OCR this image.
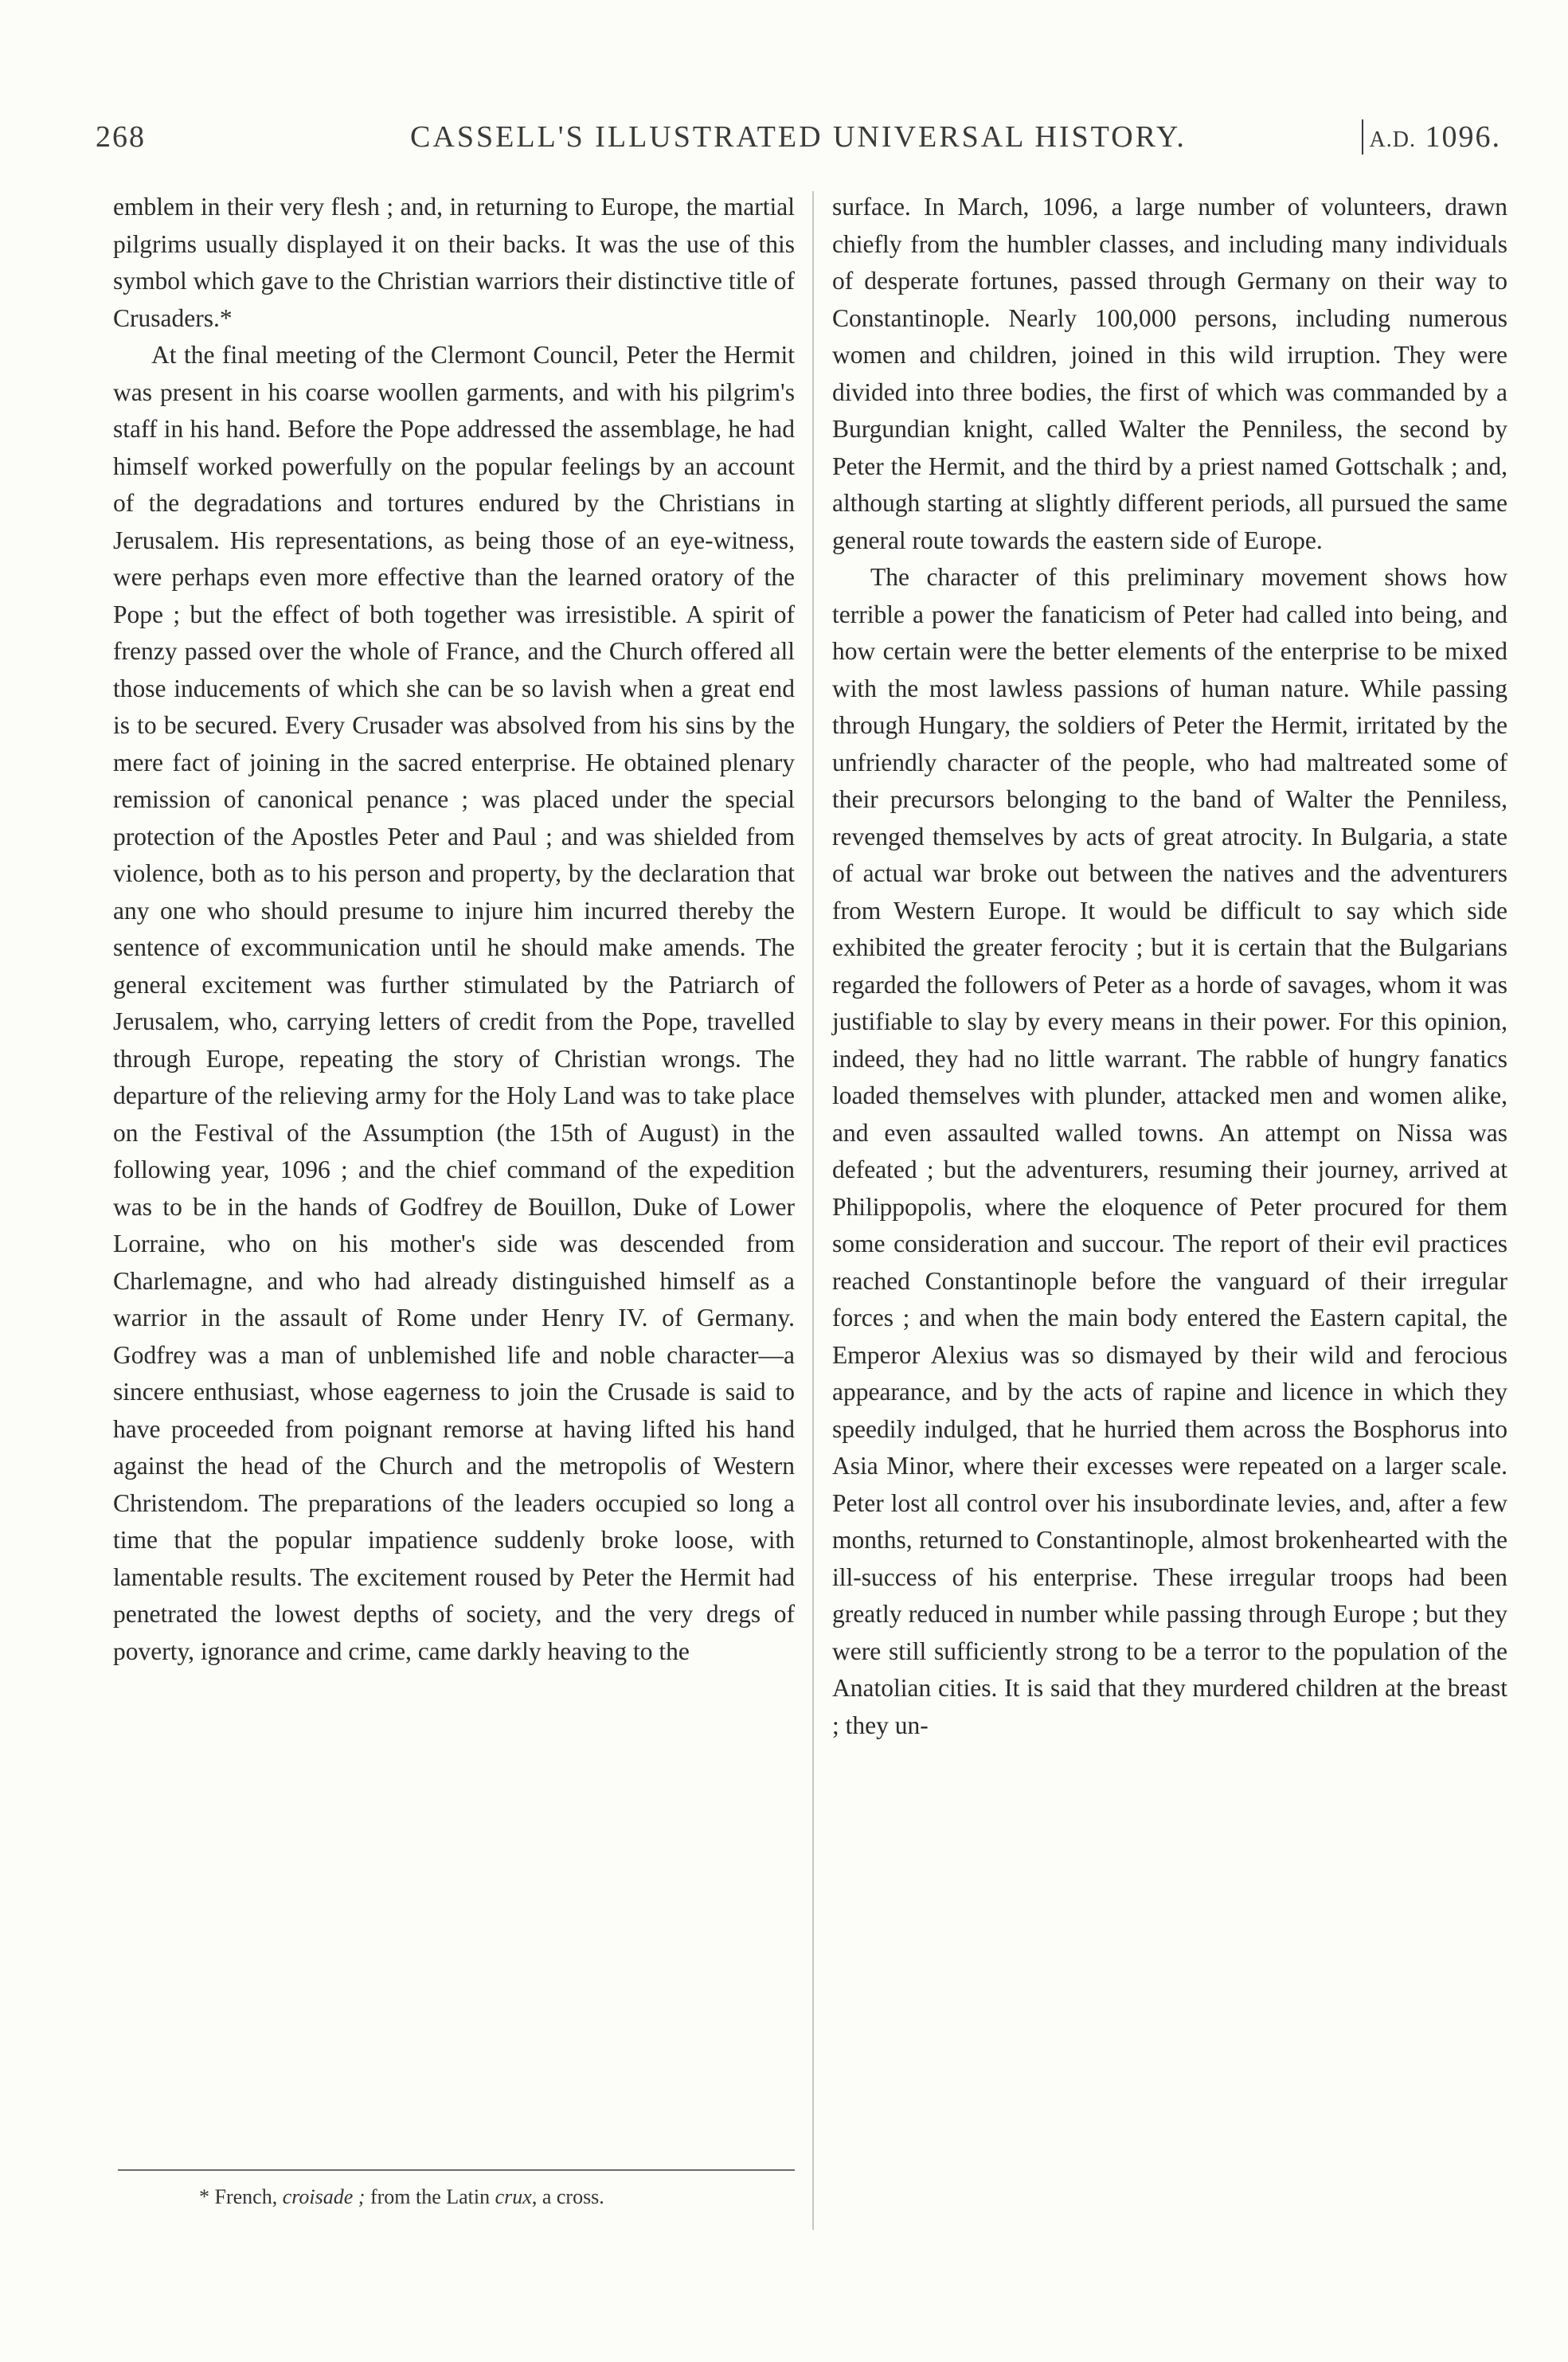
268	CASSELL'S ILLUSTRATED UNIVERSAL HISTORY.	A.D. 1096.

emblem in their very flesh ; and, in returning to Europe, the martial pilgrims usually displayed it on their backs. It was the use of this symbol which gave to the Christian warriors their distinctive title of Crusaders.*

At the final meeting of the Clermont Council, Peter the Hermit was present in his coarse woollen garments, and with his pilgrim's staff in his hand. Before the Pope addressed the assemblage, he had himself worked powerfully on the popular feelings by an account of the degradations and tortures endured by the Christians in Jerusalem. His representations, as being those of an eye-witness, were perhaps even more effective than the learned oratory of the Pope ; but the effect of both together was irresistible. A spirit of frenzy passed over the whole of France, and the Church offered all those inducements of which she can be so lavish when a great end is to be secured. Every Crusader was absolved from his sins by the mere fact of joining in the sacred enterprise. He obtained plenary remission of canonical penance ; was placed under the special protection of the Apostles Peter and Paul ; and was shielded from violence, both as to his person and property, by the declaration that any one who should presume to injure him incurred thereby the sentence of excommunication until he should make amends. The general excitement was further stimulated by the Patriarch of Jerusalem, who, carrying letters of credit from the Pope, travelled through Europe, repeating the story of Christian wrongs. The departure of the relieving army for the Holy Land was to take place on the Festival of the Assumption (the 15th of August) in the following year, 1096 ; and the chief command of the expedition was to be in the hands of Godfrey de Bouillon, Duke of Lower Lorraine, who on his mother's side was descended from Charlemagne, and who had already distinguished himself as a warrior in the assault of Rome under Henry IV. of Germany. Godfrey was a man of unblemished life and noble character—a sincere enthusiast, whose eagerness to join the Crusade is said to have proceeded from poignant remorse at having lifted his hand against the head of the Church and the metropolis of Western Christendom. The preparations of the leaders occupied so long a time that the popular impatience suddenly broke loose, with lamentable results. The excitement roused by Peter the Hermit had penetrated the lowest depths of society, and the very dregs of poverty, ignorance and crime, came darkly heaving to the

surface. In March, 1096, a large number of volunteers, drawn chiefly from the humbler classes, and including many individuals of desperate fortunes, passed through Germany on their way to Constantinople. Nearly 100,000 persons, including numerous women and children, joined in this wild irruption. They were divided into three bodies, the first of which was commanded by a Burgundian knight, called Walter the Penniless, the second by Peter the Hermit, and the third by a priest named Gottschalk ; and, although starting at slightly different periods, all pursued the same general route towards the eastern side of Europe.

The character of this preliminary movement shows how terrible a power the fanaticism of Peter had called into being, and how certain were the better elements of the enterprise to be mixed with the most lawless passions of human nature. While passing through Hungary, the soldiers of Peter the Hermit, irritated by the unfriendly character of the people, who had maltreated some of their precursors belonging to the band of Walter the Penniless, revenged themselves by acts of great atrocity. In Bulgaria, a state of actual war broke out between the natives and the adventurers from Western Europe. It would be difficult to say which side exhibited the greater ferocity ; but it is certain that the Bulgarians regarded the followers of Peter as a horde of savages, whom it was justifiable to slay by every means in their power. For this opinion, indeed, they had no little warrant. The rabble of hungry fanatics loaded themselves with plunder, attacked men and women alike, and even assaulted walled towns. An attempt on Nissa was defeated ; but the adventurers, resuming their journey, arrived at Philippopolis, where the eloquence of Peter procured for them some consideration and succour. The report of their evil practices reached Constantinople before the vanguard of their irregular forces ; and when the main body entered the Eastern capital, the Emperor Alexius was so dismayed by their wild and ferocious appearance, and by the acts of rapine and licence in which they speedily indulged, that he hurried them across the Bosphorus into Asia Minor, where their excesses were repeated on a larger scale. Peter lost all control over his insubordinate levies, and, after a few months, returned to Constantinople, almost brokenhearted with the ill-success of his enterprise. These irregular troops had been greatly reduced in number while passing through Europe ; but they were still sufficiently strong to be a terror to the population of the Anatolian cities. It is said that they murdered children at the breast ; they un-

* French, croisade ; from the Latin crux, a cross.
